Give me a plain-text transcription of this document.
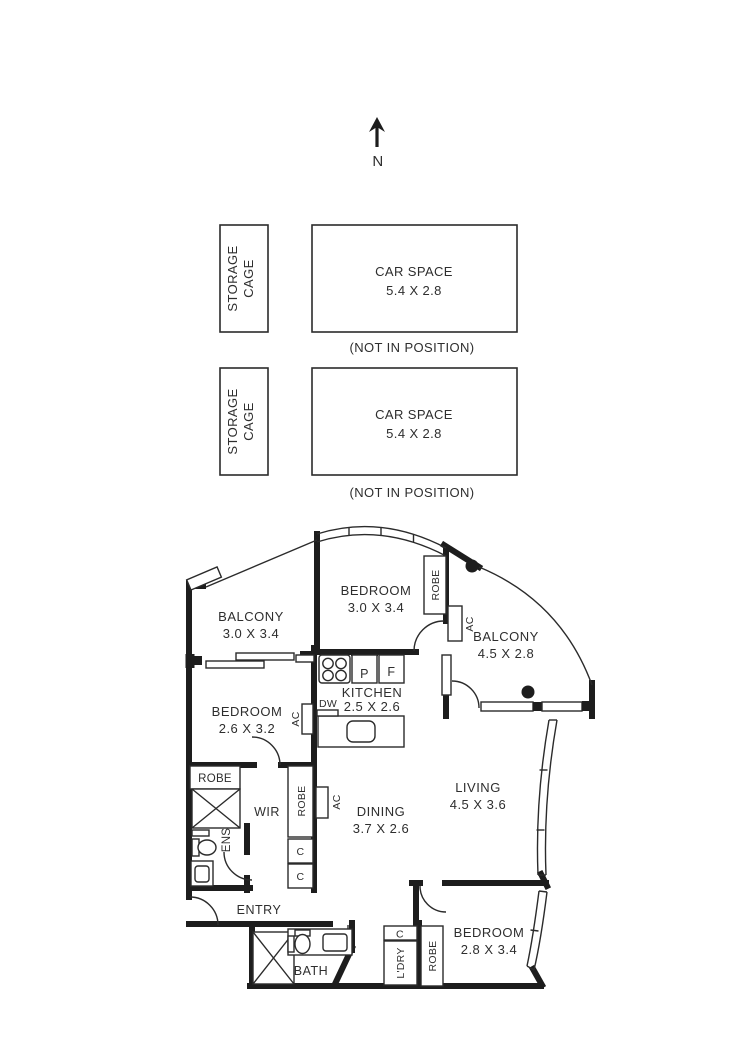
N
STORAGE CAGE	CAR SPACE
5.4 X 2.8
(NOT IN POSITION)
STORAGE CAGE	CAR SPACE
5.4 X 2.8
(NOT IN POSITION)
ROBE
AC
AC
AC
ROBE
ROBE
C
C
C
L'DRY ROBE
P F
DW
BALCONY
3.0 X 3.4
BEDROOM
3.0 X 3.4
BALCONY
4.5 X 2.8
BEDROOM
2.6 X 3.2
KITCHEN
2.5 X 2.6
DINING
3.7 X 2.6
LIVING
4.5 X 3.6
BEDROOM
2.8 X 3.4
WIR
ENS
ENTRY
BATH
